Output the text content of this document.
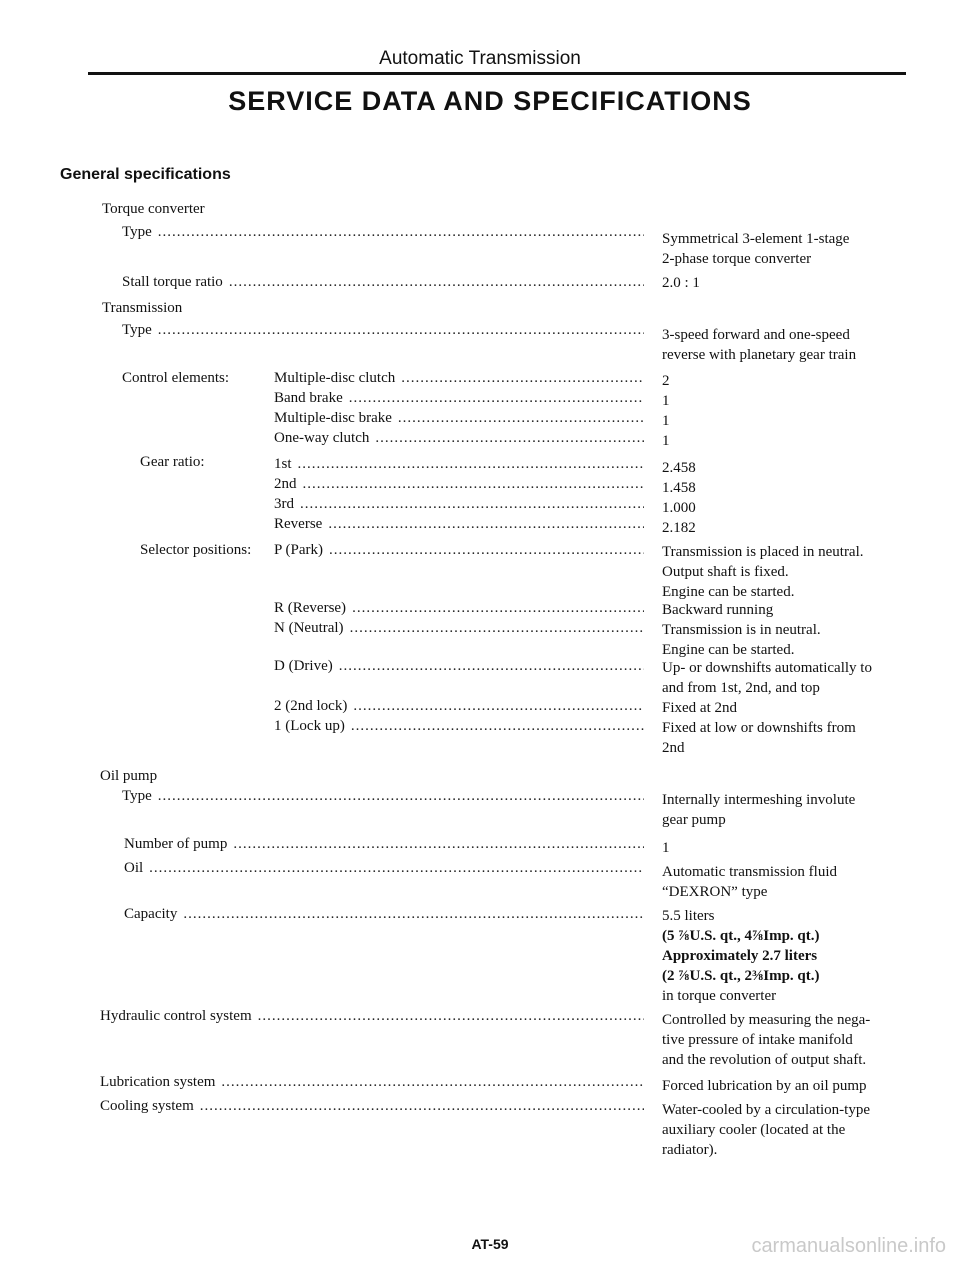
Automatic Transmission
SERVICE DATA AND SPECIFICATIONS
General specifications
Torque converter
Type .....	Symmetrical 3-element 1-stage
2-phase torque converter
Stall torque ratio .....	2.0 : 1
Transmission
Type .....	3-speed forward and one-speed
reverse with planetary gear train
Control elements:	Multiple-disc clutch .....	2
Band brake .....	1
Multiple-disc brake .....	1
One-way clutch .....	1
Gear ratio:	1st .....	2.458
2nd .....	1.458
3rd .....	1.000
Reverse .....	2.182
Selector positions: P (Park) .....	Transmission is placed in neutral.
Output shaft is fixed.
Engine can be started.
R (Reverse) .....	Backward running
N (Neutral) .....	Transmission is in neutral.
Engine can be started.
D (Drive) .....	Up- or downshifts automatically to
and from 1st, 2nd, and top
2 (2nd lock) .....	Fixed at 2nd
1 (Lock up) .....	Fixed at low or downshifts from
2nd
Oil pump
Type .....	Internally intermeshing involute
gear pump
Number of pump .....	1
Oil .....	Automatic transmission fluid
“DEXRON” type
Capacity .....	5.5 liters
(5 ⅞U.S. qt., 4⅞Imp. qt.)
Approximately 2.7 liters
(2 ⅞U.S. qt., 2⅜Imp. qt.)
in torque converter
Hydraulic control system .....	Controlled by measuring the nega-
tive pressure of intake manifold
and the revolution of output shaft.
Lubrication system .....	Forced lubrication by an oil pump
Cooling system .....	Water-cooled by a circulation-type
auxiliary cooler (located at the
radiator).
AT-59	carmanualsonline.info
